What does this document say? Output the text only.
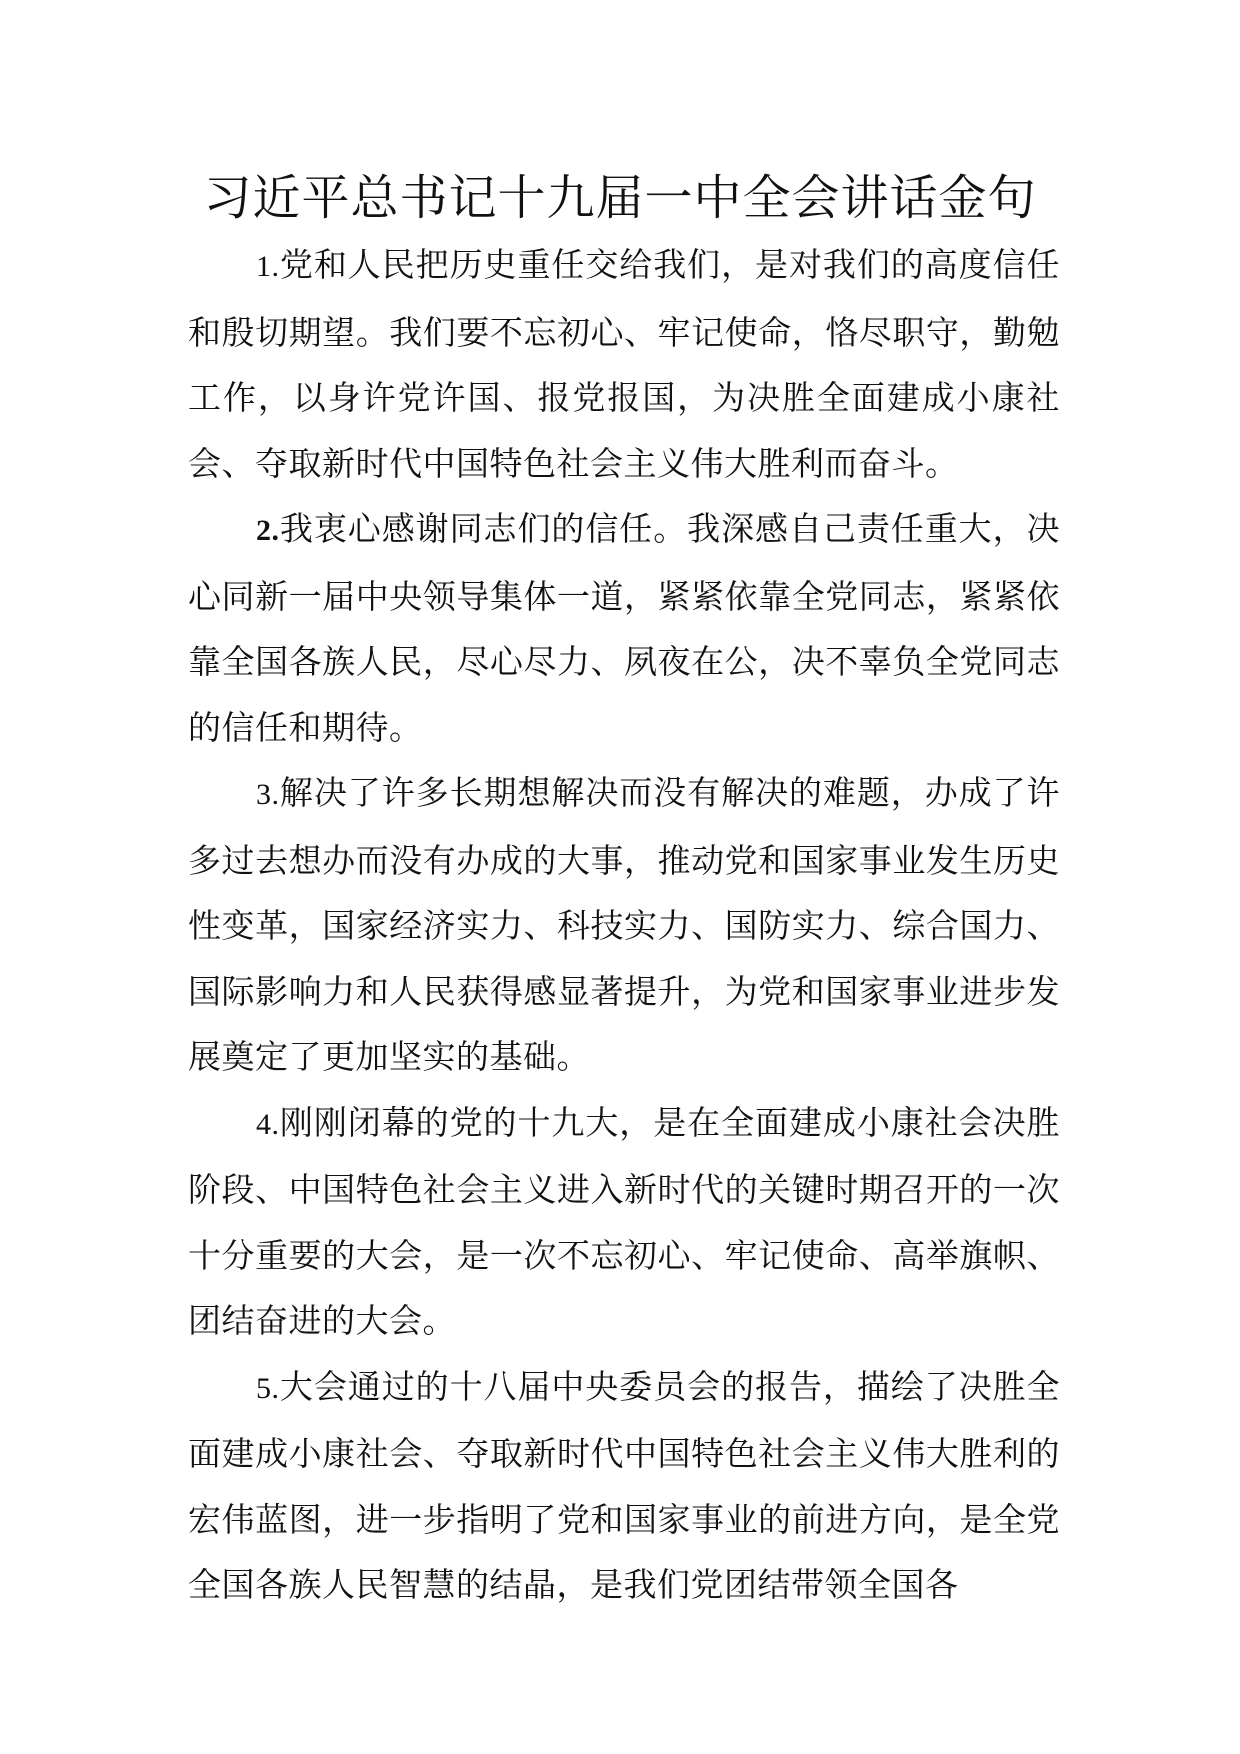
习近平总书记十九届一中全会讲话金句

1.党和人民把历史重任交给我们，是对我们的高度信任和殷切期望。我们要不忘初心、牢记使命，恪尽职守，勤勉工作，以身许党许国、报党报国，为决胜全面建成小康社会、夺取新时代中国特色社会主义伟大胜利而奋斗。

2.我衷心感谢同志们的信任。我深感自己责任重大，决心同新一届中央领导集体一道，紧紧依靠全党同志，紧紧依靠全国各族人民，尽心尽力、夙夜在公，决不辜负全党同志的信任和期待。

3.解决了许多长期想解决而没有解决的难题，办成了许多过去想办而没有办成的大事，推动党和国家事业发生历史性变革，国家经济实力、科技实力、国防实力、综合国力、国际影响力和人民获得感显著提升，为党和国家事业进步发展奠定了更加坚实的基础。

4.刚刚闭幕的党的十九大，是在全面建成小康社会决胜阶段、中国特色社会主义进入新时代的关键时期召开的一次十分重要的大会，是一次不忘初心、牢记使命、高举旗帜、团结奋进的大会。

5.大会通过的十八届中央委员会的报告，描绘了决胜全面建成小康社会、夺取新时代中国特色社会主义伟大胜利的宏伟蓝图，进一步指明了党和国家事业的前进方向，是全党全国各族人民智慧的结晶，是我们党团结带领全国各
